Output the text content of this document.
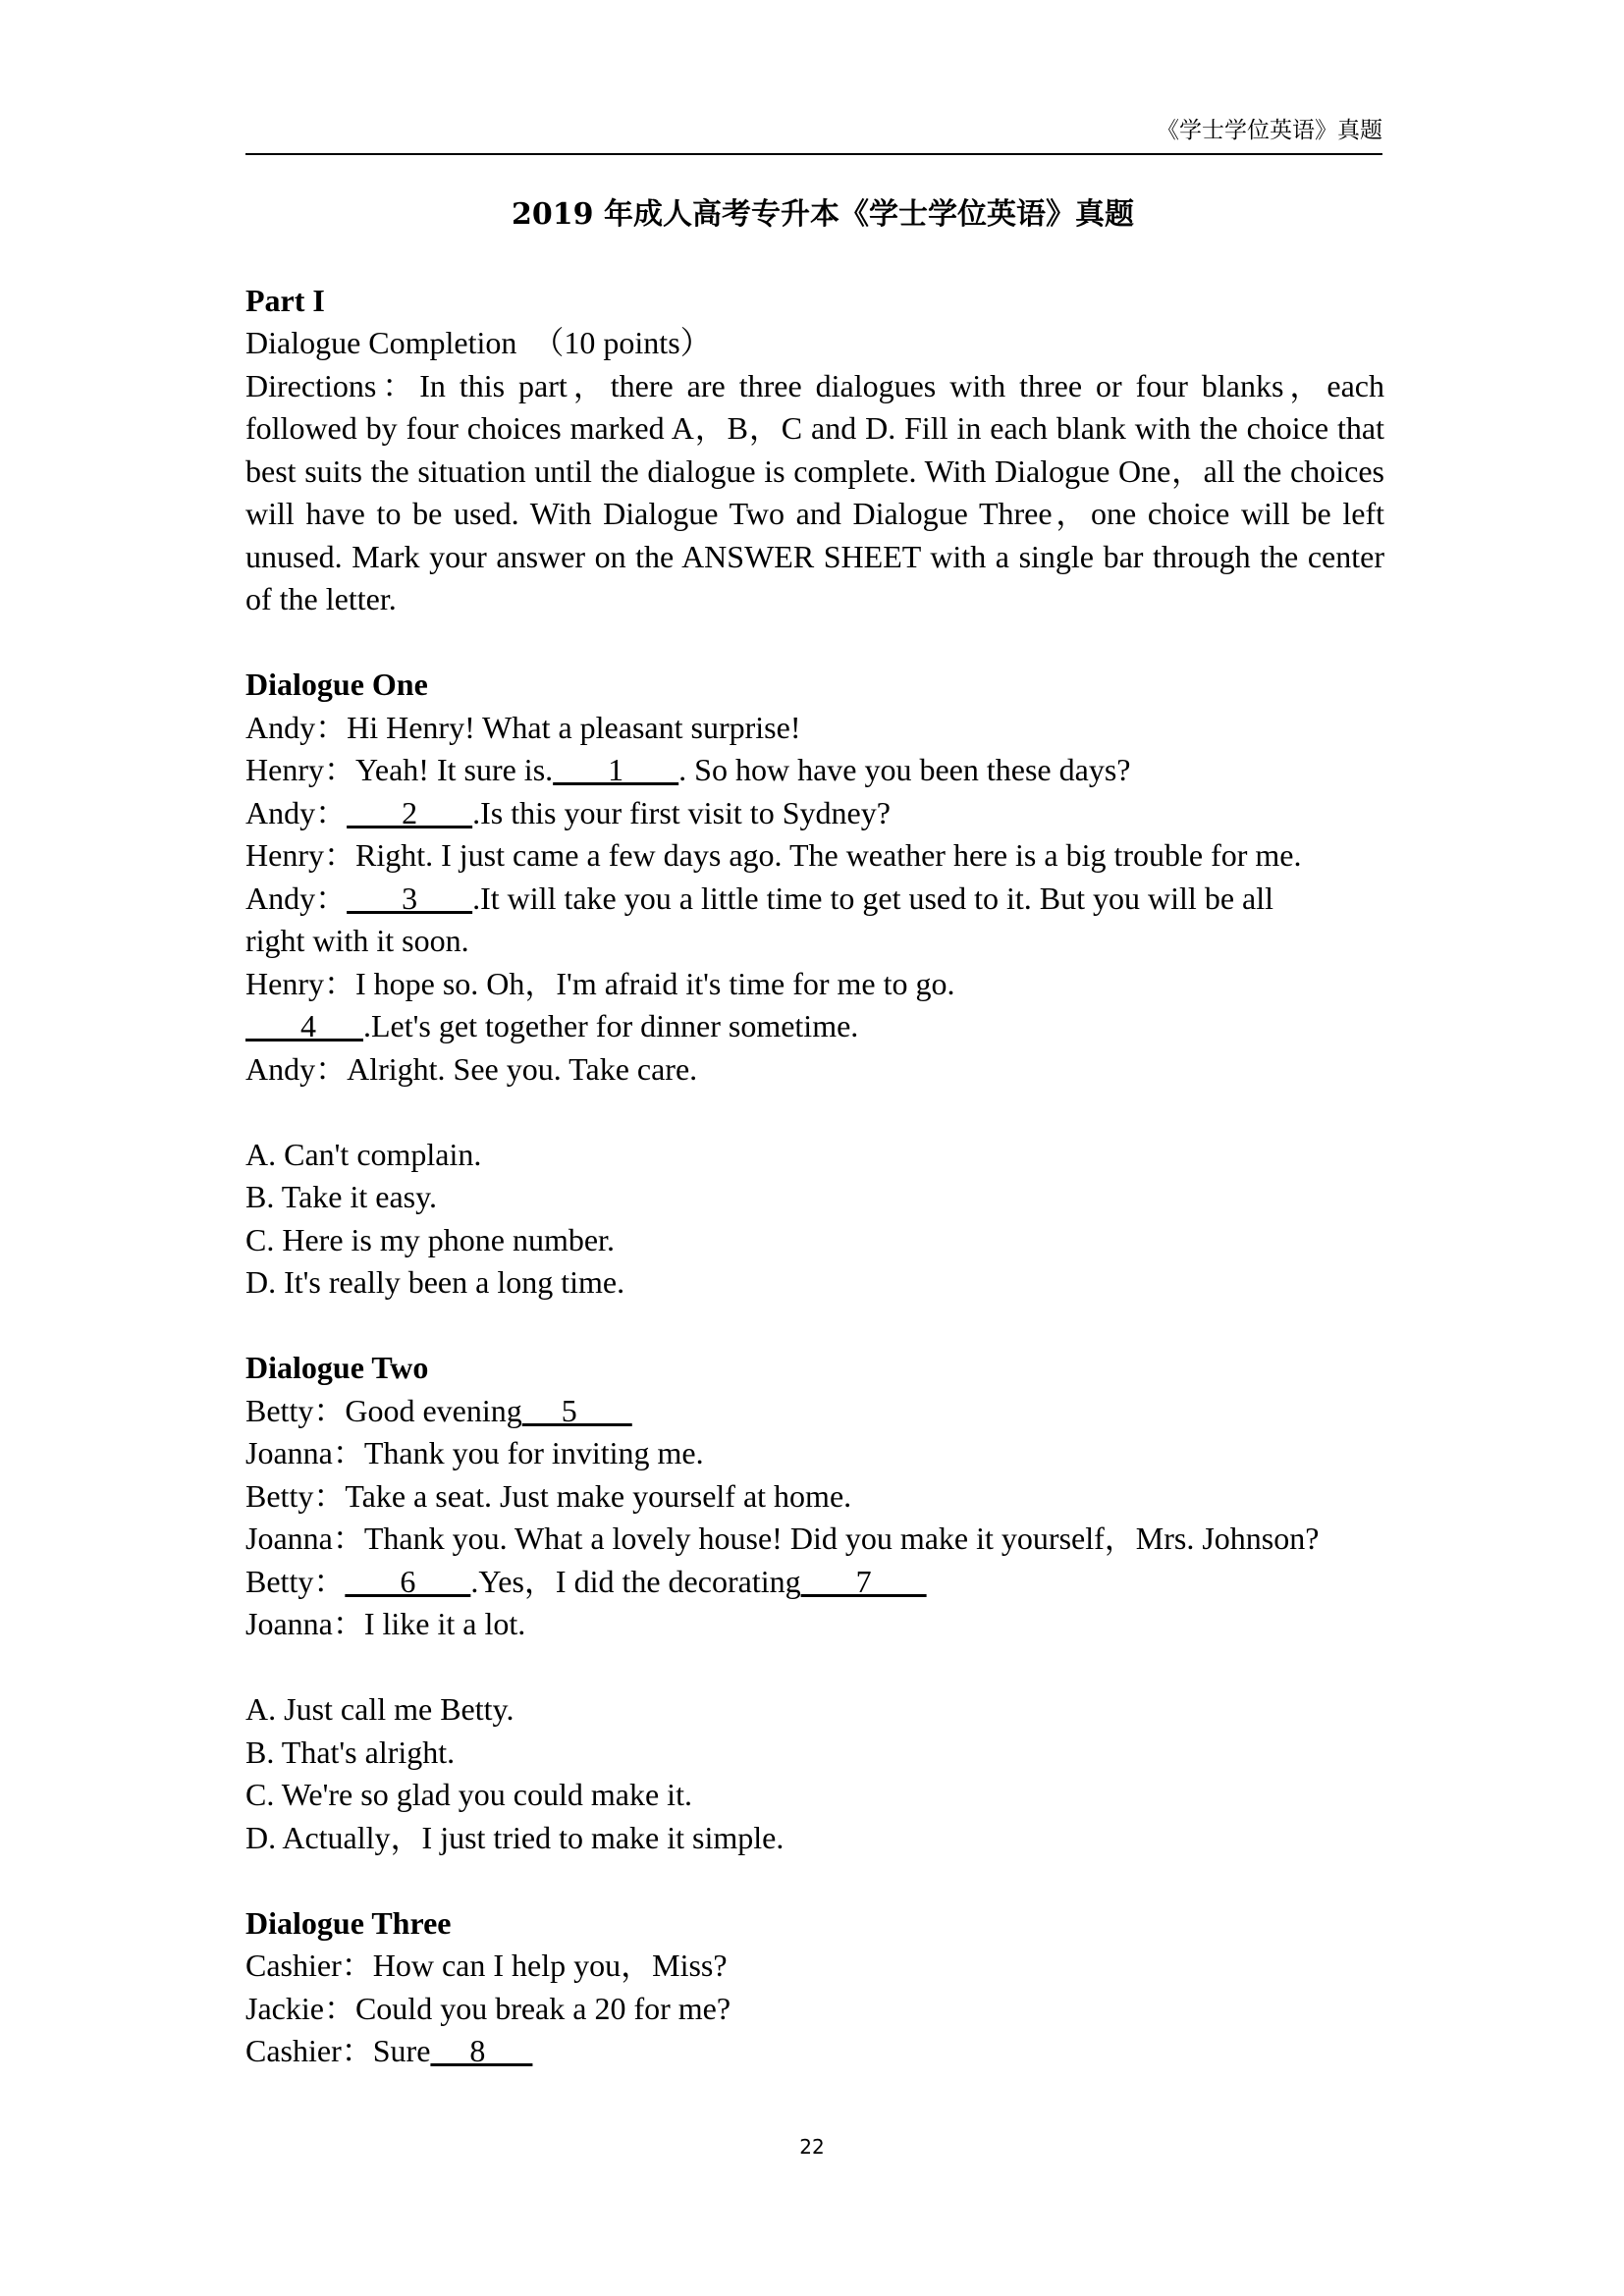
《学士学位英语》真题
2019 年成人高考专升本《学士学位英语》真题
Part I
Dialogue Completion　（10 points）
Directions：In this part，there are three dialogues with three or four blanks，each followed by four choices marked A，B，C and D. Fill in each blank with the choice that best suits the situation until the dialogue is complete. With Dialogue One，all the choices will have to be used. With Dialogue Two and Dialogue Three，one choice will be left unused. Mark your answer on the ANSWER SHEET with a single bar through the center of the letter.
Dialogue One
Andy：Hi Henry! What a pleasant surprise!
Henry：Yeah! It sure is.       1       . So how have you been these days?
Andy：       2       .Is this your first visit to Sydney?
Henry：Right. I just came a few days ago. The weather here is a big trouble for me.
Andy：       3       .It will take you a little time to get used to it. But you will be all
right with it soon.
Henry：I hope so. Oh，I'm afraid it's time for me to go.
4      .Let's get together for dinner sometime.
Andy：Alright. See you. Take care.
A. Can't complain.
B. Take it easy.
C. Here is my phone number.
D. It's really been a long time.
Dialogue Two
Betty：Good evening     5
Joanna：Thank you for inviting me.
Betty：Take a seat. Just make yourself at home.
Joanna：Thank you. What a lovely house! Did you make it yourself，Mrs. Johnson?
Betty：       6       .Yes，I did the decorating       7
Joanna：I like it a lot.
A. Just call me Betty.
B. That's alright.
C. We're so glad you could make it.
D. Actually，I just tried to make it simple.
Dialogue Three
Cashier：How can I help you，Miss?
Jackie：Could you break a 20 for me?
Cashier：Sure     8
22
